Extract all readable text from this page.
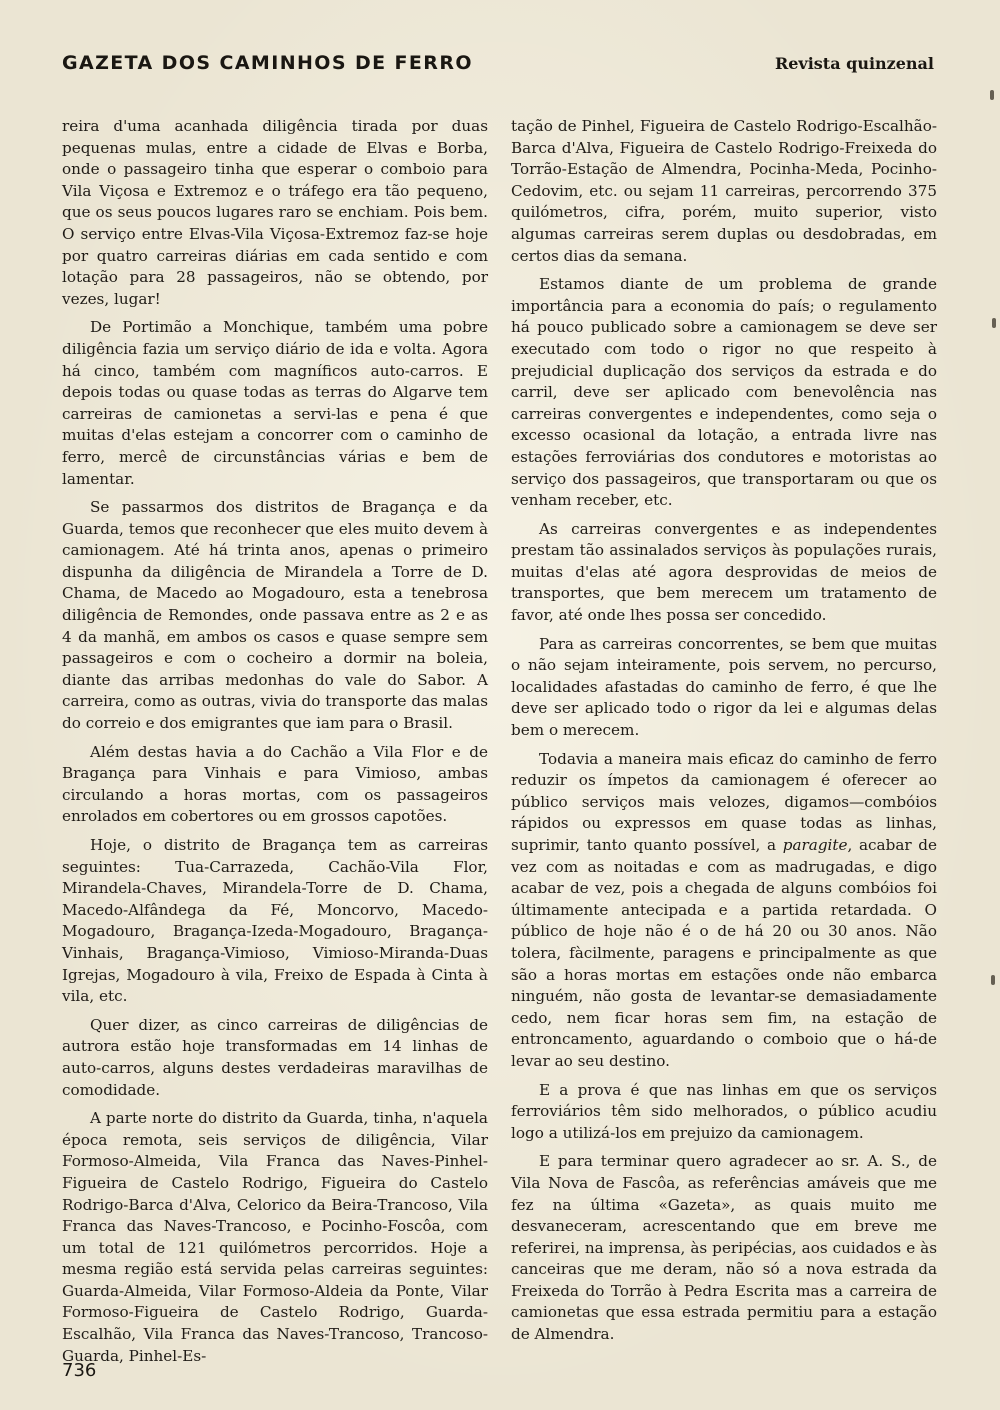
GAZETA DOS CAMINHOS DE FERRO	Revista quinzenal

reira d'uma acanhada diligência tirada por duas pequenas mulas, entre a cidade de Elvas e Borba, onde o passageiro tinha que esperar o comboio para Vila Viçosa e Extremoz e o tráfego era tão pequeno, que os seus poucos lugares raro se enchiam. Pois bem. O serviço entre Elvas-Vila Viçosa-Extremoz faz-se hoje por quatro carreiras diárias em cada sentido e com lotação para 28 passageiros, não se obtendo, por vezes, lugar!

De Portimão a Monchique, também uma pobre diligência fazia um serviço diário de ida e volta. Agora há cinco, também com magníficos auto-carros. E depois todas ou quase todas as terras do Algarve tem carreiras de camionetas a servi-las e pena é que muitas d'elas estejam a concorrer com o caminho de ferro, mercê de circunstâncias várias e bem de lamentar.

Se passarmos dos distritos de Bragança e da Guarda, temos que reconhecer que eles muito devem à camionagem. Até há trinta anos, apenas o primeiro dispunha da diligência de Mirandela a Torre de D. Chama, de Macedo ao Mogadouro, esta a tenebrosa diligência de Remondes, onde passava entre as 2 e as 4 da manhã, em ambos os casos e quase sempre sem passageiros e com o cocheiro a dormir na boleia, diante das arribas medonhas do vale do Sabor. A carreira, como as outras, vivia do transporte das malas do correio e dos emigrantes que iam para o Brasil.

Além destas havia a do Cachão a Vila Flor e de Bragança para Vinhais e para Vimioso, ambas circulando a horas mortas, com os passageiros enrolados em cobertores ou em grossos capotões.

Hoje, o distrito de Bragança tem as carreiras seguintes: Tua-Carrazeda, Cachão-Vila Flor, Mirandela-Chaves, Mirandela-Torre de D. Chama, Macedo-Alfândega da Fé, Moncorvo, Macedo-Mogadouro, Bragança-Izeda-Mogadouro, Bragança-Vinhais, Bragança-Vimioso, Vimioso-Miranda-Duas Igrejas, Mogadouro à vila, Freixo de Espada à Cinta à vila, etc.

Quer dizer, as cinco carreiras de diligências de autrora estão hoje transformadas em 14 linhas de auto-carros, alguns destes verdadeiras maravilhas de comodidade.

A parte norte do distrito da Guarda, tinha, n'aquela época remota, seis serviços de diligência, Vilar Formoso-Almeida, Vila Franca das Naves-Pinhel-Figueira de Castelo Rodrigo, Figueira do Castelo Rodrigo-Barca d'Alva, Celorico da Beira-Trancoso, Vila Franca das Naves-Trancoso, e Pocinho-Foscôa, com um total de 121 quilómetros percorridos. Hoje a mesma região está servida pelas carreiras seguintes: Guarda-Almeida, Vilar Formoso-Aldeia da Ponte, Vilar Formoso-Figueira de Castelo Rodrigo, Guarda-Escalhão, Vila Franca das Naves-Trancoso, Trancoso-Guarda, Pinhel-Es-

tação de Pinhel, Figueira de Castelo Rodrigo-Escalhão-Barca d'Alva, Figueira de Castelo Rodrigo-Freixeda do Torrão-Estação de Almendra, Pocinha-Meda, Pocinho-Cedovim, etc. ou sejam 11 carreiras, percorrendo 375 quilómetros, cifra, porém, muito superior, visto algumas carreiras serem duplas ou desdobradas, em certos dias da semana.

Estamos diante de um problema de grande importância para a economia do país; o regulamento há pouco publicado sobre a camionagem se deve ser executado com todo o rigor no que respeito à prejudicial duplicação dos serviços da estrada e do carril, deve ser aplicado com benevolência nas carreiras convergentes e independentes, como seja o excesso ocasional da lotação, a entrada livre nas estações ferroviárias dos condutores e motoristas ao serviço dos passageiros, que transportaram ou que os venham receber, etc.

As carreiras convergentes e as independentes prestam tão assinalados serviços às populações rurais, muitas d'elas até agora desprovidas de meios de transportes, que bem merecem um tratamento de favor, até onde lhes possa ser concedido.

Para as carreiras concorrentes, se bem que muitas o não sejam inteiramente, pois servem, no percurso, localidades afastadas do caminho de ferro, é que lhe deve ser aplicado todo o rigor da lei e algumas delas bem o merecem.

Todavia a maneira mais eficaz do caminho de ferro reduzir os ímpetos da camionagem é oferecer ao público serviços mais velozes, digamos—combóios rápidos ou expressos em quase todas as linhas, suprimir, tanto quanto possível, a paragite, acabar de vez com as noitadas e com as madrugadas, e digo acabar de vez, pois a chegada de alguns combóios foi últimamente antecipada e a partida retardada. O público de hoje não é o de há 20 ou 30 anos. Não tolera, fàcilmente, paragens e principalmente as que são a horas mortas em estações onde não embarca ninguém, não gosta de levantar-se demasiadamente cedo, nem ficar horas sem fim, na estação de entroncamento, aguardando o comboio que o há-de levar ao seu destino.

E a prova é que nas linhas em que os serviços ferroviários têm sido melhorados, o público acudiu logo a utilizá-los em prejuizo da camionagem.

E para terminar quero agradecer ao sr. A. S., de Vila Nova de Fascôa, as referências amáveis que me fez na última «Gazeta», as quais muito me desvaneceram, acrescentando que em breve me referirei, na imprensa, às peripécias, aos cuidados e às canceiras que me deram, não só a nova estrada da Freixeda do Torrão à Pedra Escrita mas a carreira de camionetas que essa estrada permitiu para a estação de Almendra.

736
